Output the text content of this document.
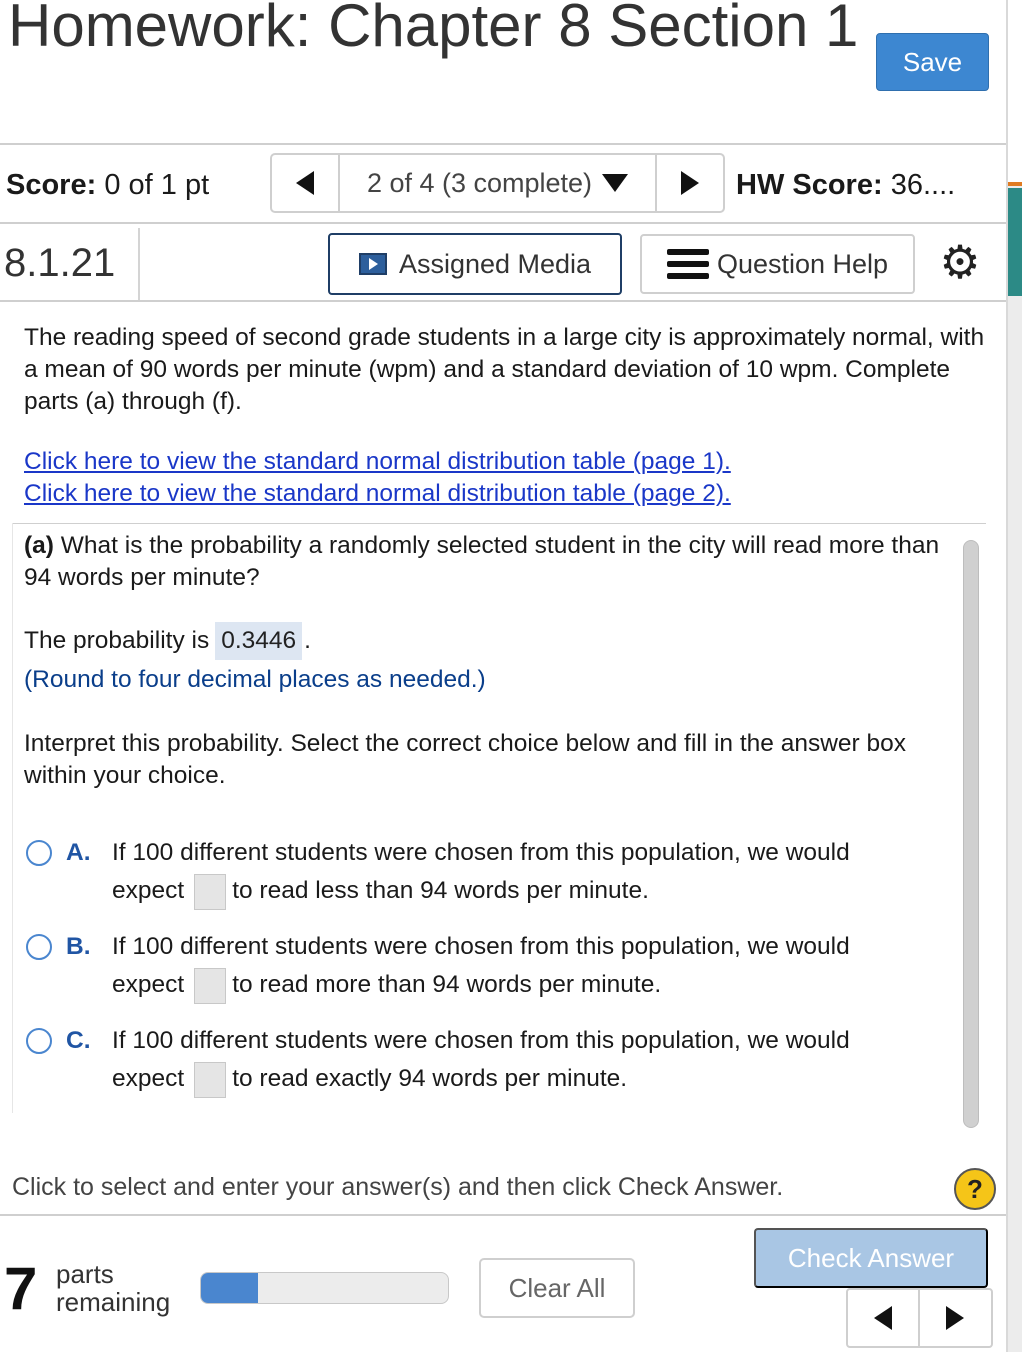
Homework: Chapter 8 Section 1
Save
Score: 0 of 1 pt	2 of 4 (3 complete)	HW Score: 36....
8.1.21	Assigned Media	Question Help ⚙
The reading speed of second grade students in a large city is approximately normal, with a mean of 90 words per minute (wpm) and a standard deviation of 10 wpm. Complete parts (a) through (f).
Click here to view the standard normal distribution table (page 1).
Click here to view the standard normal distribution table (page 2).
(a) What is the probability a randomly selected student in the city will read more than 94 words per minute?
The probability is 0.3446 .
(Round to four decimal places as needed.)
Interpret this probability. Select the correct choice below and fill in the answer box within your choice.
A. If 100 different students were chosen from this population, we would
expect to read less than 94 words per minute.
B. If 100 different students were chosen from this population, we would
expect to read more than 94 words per minute.
C. If 100 different students were chosen from this population, we would
expect to read exactly 94 words per minute.
Click to select and enter your answer(s) and then click Check Answer.	?
7 parts
remaining	Clear All
Check Answer
